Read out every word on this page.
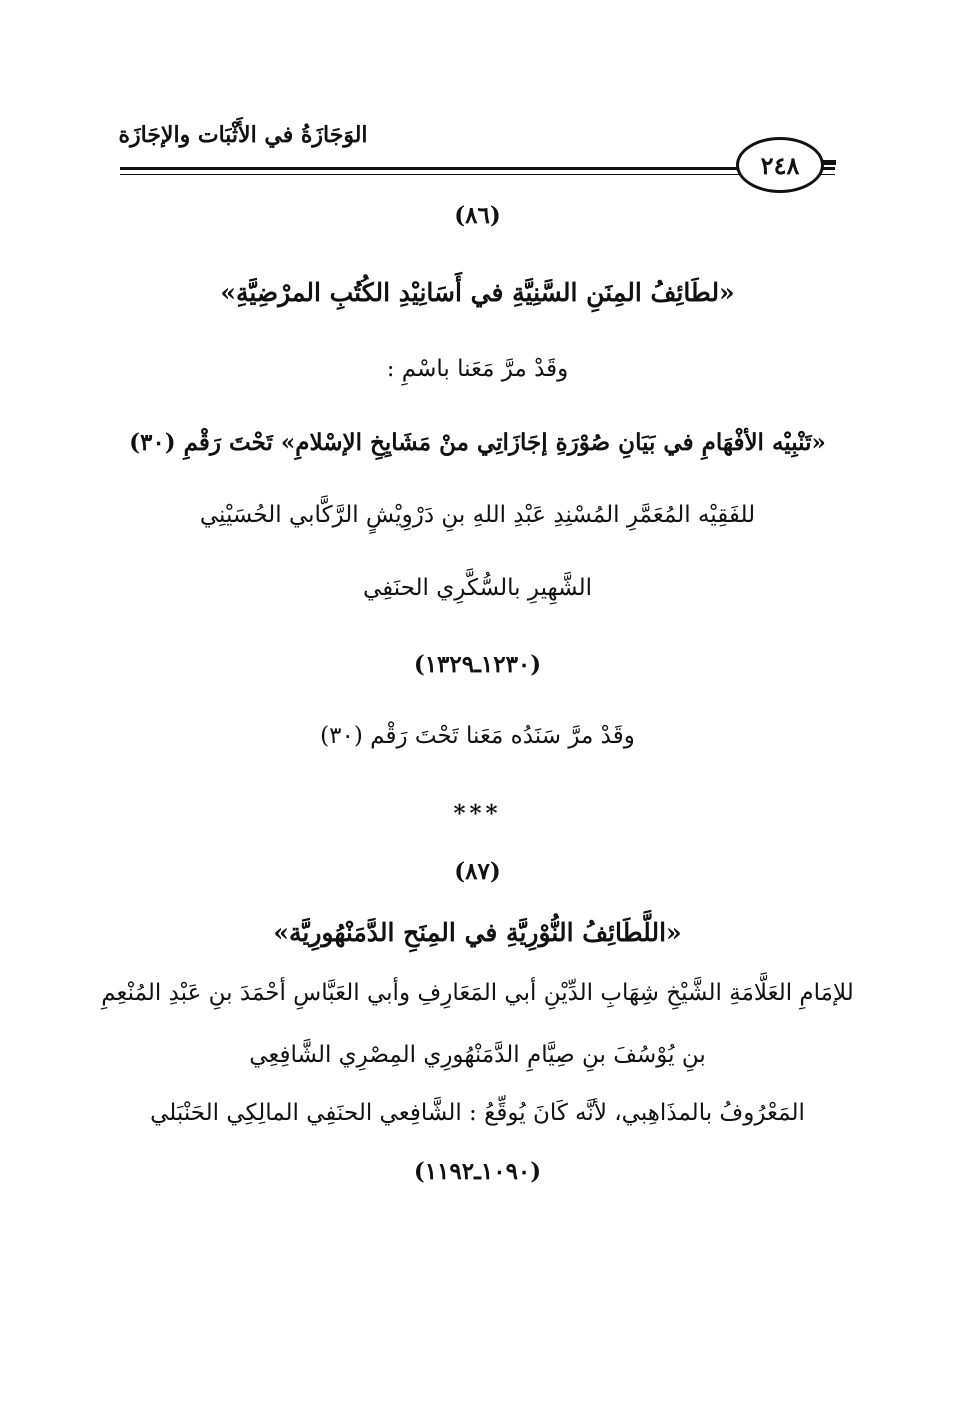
الوَجَازَةُ في الأَثْبَات والإجَازَة
٢٤٨
(٨٦)
«لطَائِفُ المِنَنِ السَّنِيَّةِ في أَسَانِيْدِ الكُتُبِ المرْضِيَّةِ»
وقَدْ مرَّ مَعَنا باسْمِ :
«تَنْبِيْه الأفْهَامِ في بَيَانِ صُوْرَةِ إجَازَاتِي منْ مَشَايِخِ الإسْلامِ» تَحْتَ رَقْمِ (٣٠)
للفَقِيْه المُعَمَّرِ المُسْنِدِ عَبْدِ اللهِ بنِ دَرْوِيْشٍ الرَّكَّابي الحُسَيْنِي
الشَّهِيرِ بالسُّكَّرِي الحنَفِي
(١٢٣٠ـ١٣٢٩)
وقَدْ مرَّ سَنَدُه مَعَنا تَحْتَ رَقْم (٣٠)
***
(٨٧)
«اللَّطَائِفُ النُّوْرِيَّةِ في المِنَحِ الدَّمَنْهُورِيَّة»
للإمَامِ العَلَّامَةِ الشَّيْخِ شِهَابِ الدِّيْنِ أبي المَعَارِفِ وأبي العَبَّاسِ أحْمَدَ بنِ عَبْدِ المُنْعِمِ
بنِ يُوْسُفَ بنِ صِيَّامِ الدَّمَنْهُورِي المِصْرِي الشَّافِعِي
المَعْرُوفُ بالمذَاهِبي، لأنَّه كَانَ يُوقِّعُ : الشَّافِعي الحنَفِي المالِكِي الحَنْبَلي
(١٠٩٠ـ١١٩٢)
